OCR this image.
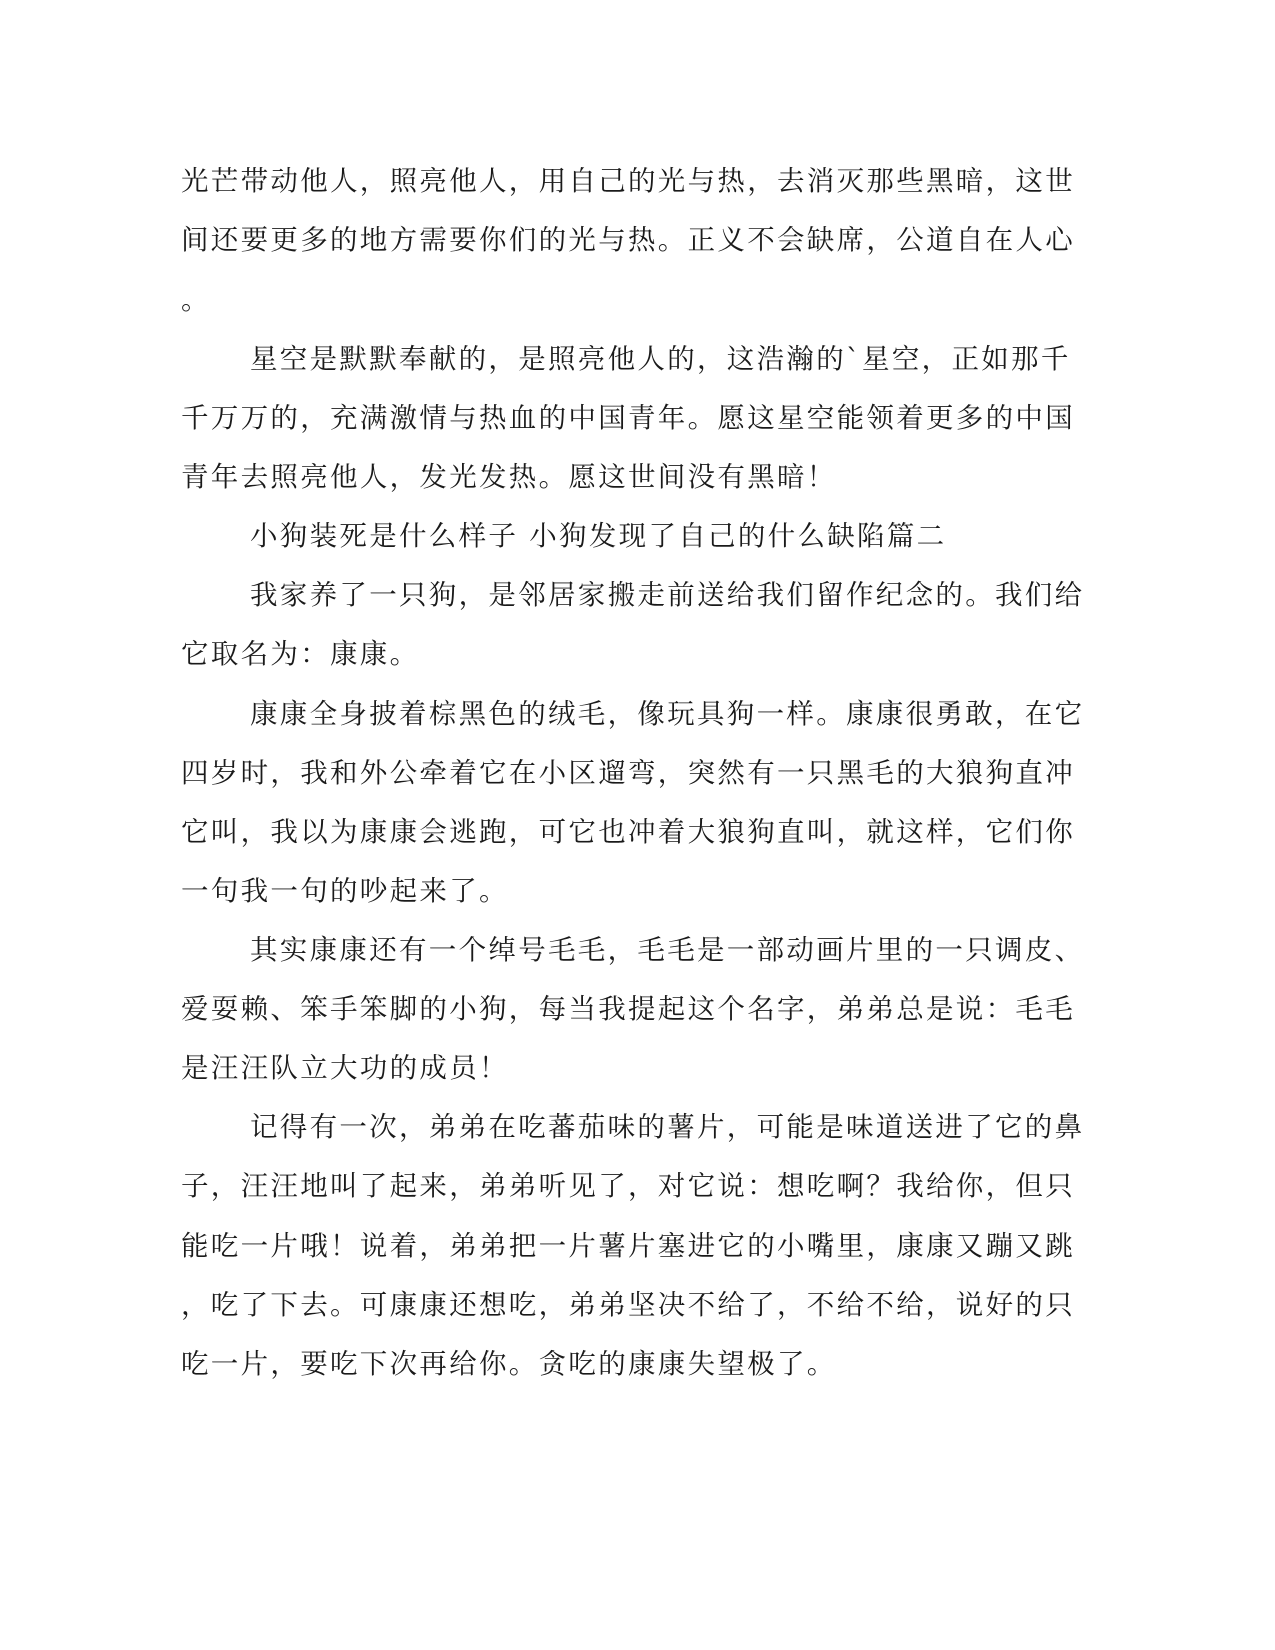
光芒带动他人，照亮他人，用自己的光与热，去消灭那些黑暗，这世
间还要更多的地方需要你们的光与热。正义不会缺席，公道自在人心
。
星空是默默奉献的，是照亮他人的，这浩瀚的`星空，正如那千
千万万的，充满激情与热血的中国青年。愿这星空能领着更多的中国
青年去照亮他人，发光发热。愿这世间没有黑暗！
小狗装死是什么样子 小狗发现了自己的什么缺陷篇二
我家养了一只狗，是邻居家搬走前送给我们留作纪念的。我们给
它取名为：康康。
康康全身披着棕黑色的绒毛，像玩具狗一样。康康很勇敢，在它
四岁时，我和外公牵着它在小区遛弯，突然有一只黑毛的大狼狗直冲
它叫，我以为康康会逃跑，可它也冲着大狼狗直叫，就这样，它们你
一句我一句的吵起来了。
其实康康还有一个绰号毛毛，毛毛是一部动画片里的一只调皮、
爱耍赖、笨手笨脚的小狗，每当我提起这个名字，弟弟总是说：毛毛
是汪汪队立大功的成员！
记得有一次，弟弟在吃蕃茄味的薯片，可能是味道送进了它的鼻
子，汪汪地叫了起来，弟弟听见了，对它说：想吃啊？我给你，但只
能吃一片哦！说着，弟弟把一片薯片塞进它的小嘴里，康康又蹦又跳
，吃了下去。可康康还想吃，弟弟坚决不给了，不给不给，说好的只
吃一片，要吃下次再给你。贪吃的康康失望极了。
